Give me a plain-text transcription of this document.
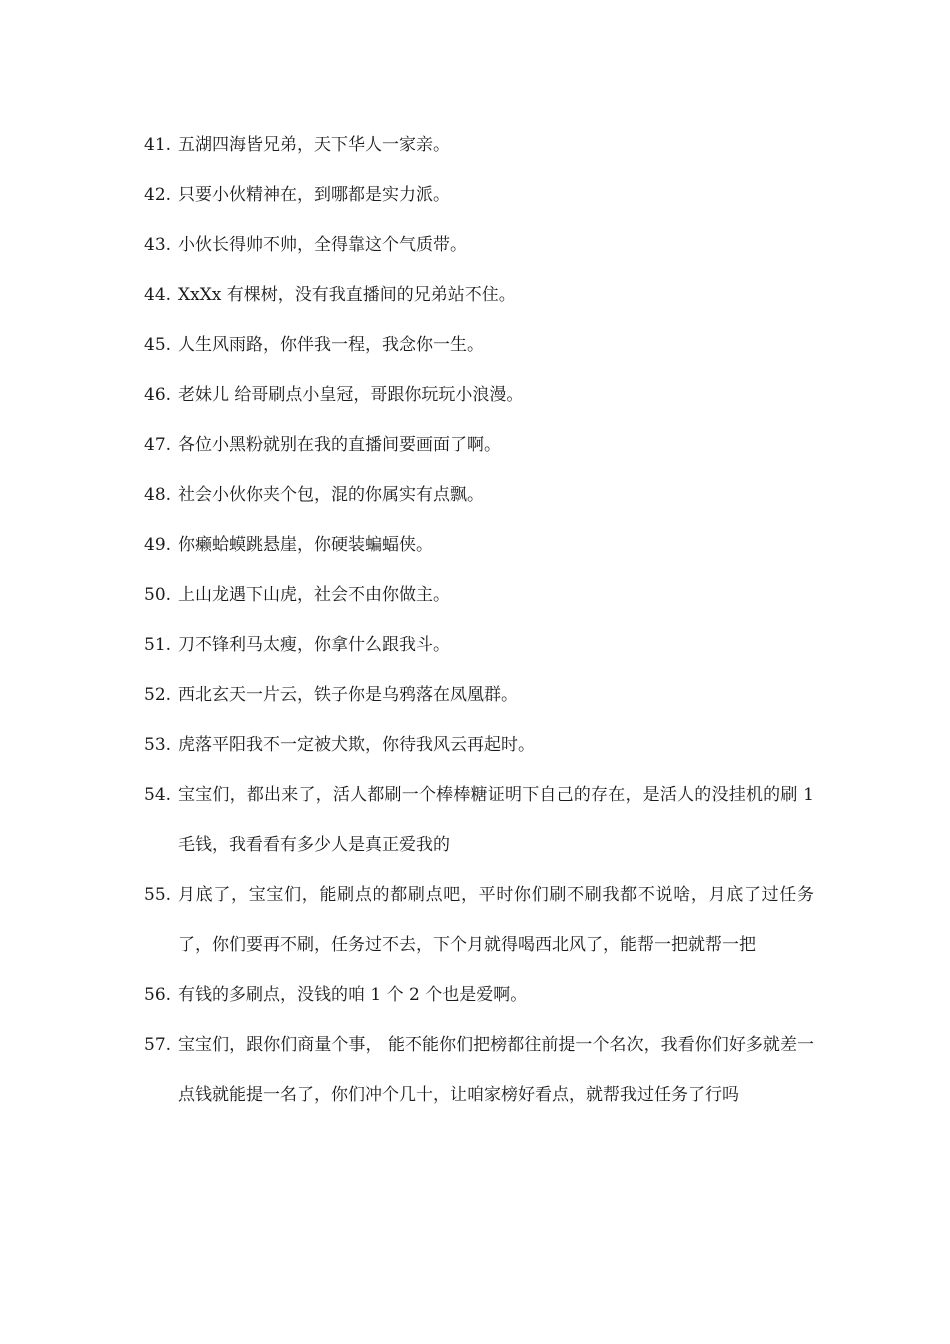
41. 五湖四海皆兄弟，天下华人一家亲。
42. 只要小伙精神在，到哪都是实力派。
43. 小伙长得帅不帅，全得靠这个气质带。
44. XxXx 有棵树，没有我直播间的兄弟站不住。
45. 人生风雨路，你伴我一程，我念你一生。
46. 老妹儿 给哥刷点小皇冠，哥跟你玩玩小浪漫。
47. 各位小黑粉就别在我的直播间要画面了啊。
48. 社会小伙你夹个包，混的你属实有点飘。
49. 你癞蛤蟆跳悬崖，你硬装蝙蝠侠。
50. 上山龙遇下山虎，社会不由你做主。
51. 刀不锋利马太瘦，你拿什么跟我斗。
52. 西北玄天一片云，铁子你是乌鸦落在凤凰群。
53. 虎落平阳我不一定被犬欺，你待我风云再起时。
54. 宝宝们，都出来了，活人都刷一个棒棒糖证明下自己的存在，是活人的没挂机的刷 1 毛钱，我看看有多少人是真正爱我的
55. 月底了，宝宝们，能刷点的都刷点吧，平时你们刷不刷我都不说啥，月底了过任务了，你们要再不刷，任务过不去，下个月就得喝西北风了，能帮一把就帮一把
56. 有钱的多刷点，没钱的咱 1 个 2 个也是爱啊。
57. 宝宝们，跟你们商量个事， 能不能你们把榜都往前提一个名次，我看你们好多就差一点钱就能提一名了，你们冲个几十，让咱家榜好看点，就帮我过任务了行吗
